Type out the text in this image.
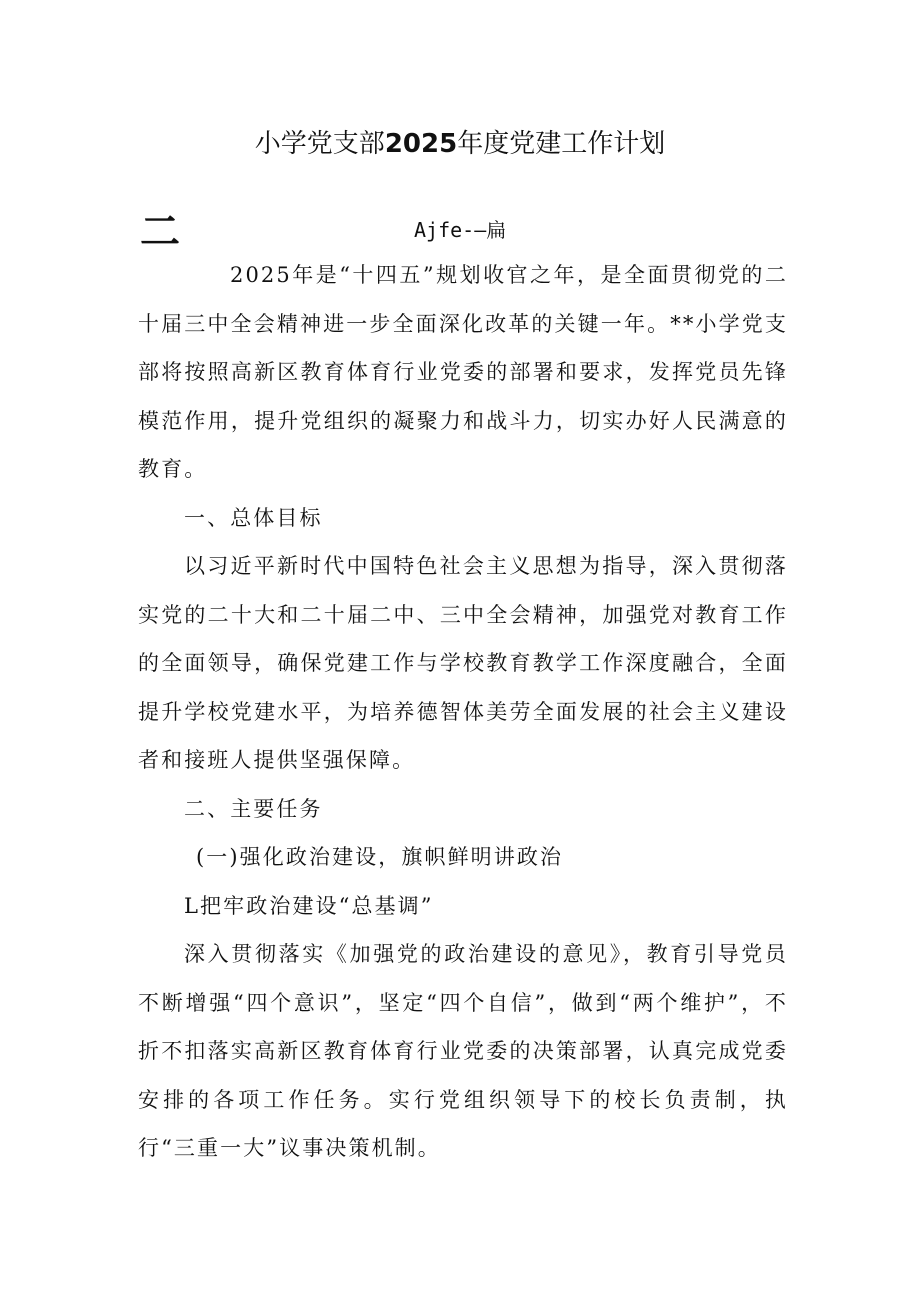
小学党支部2025年度党建工作计划
二	Ajfe-—扁

2025年是“十四五”规划收官之年，是全面贯彻党的二十届三中全会精神进一步全面深化改革的关键一年。**小学党支部将按照高新区教育体育行业党委的部署和要求，发挥党员先锋模范作用，提升党组织的凝聚力和战斗力，切实办好人民满意的教育。

一、总体目标

以习近平新时代中国特色社会主义思想为指导，深入贯彻落实党的二十大和二十届二中、三中全会精神，加强党对教育工作的全面领导，确保党建工作与学校教育教学工作深度融合，全面提升学校党建水平，为培养德智体美劳全面发展的社会主义建设者和接班人提供坚强保障。

二、主要任务

(一)强化政治建设，旗帜鲜明讲政治

L把牢政治建设“总基调”

深入贯彻落实《加强党的政治建设的意见》，教育引导党员不断增强“四个意识”，坚定“四个自信”，做到“两个维护”，不折不扣落实高新区教育体育行业党委的决策部署，认真完成党委安排的各项工作任务。实行党组织领导下的校长负责制，执行“三重一大”议事决策机制。
